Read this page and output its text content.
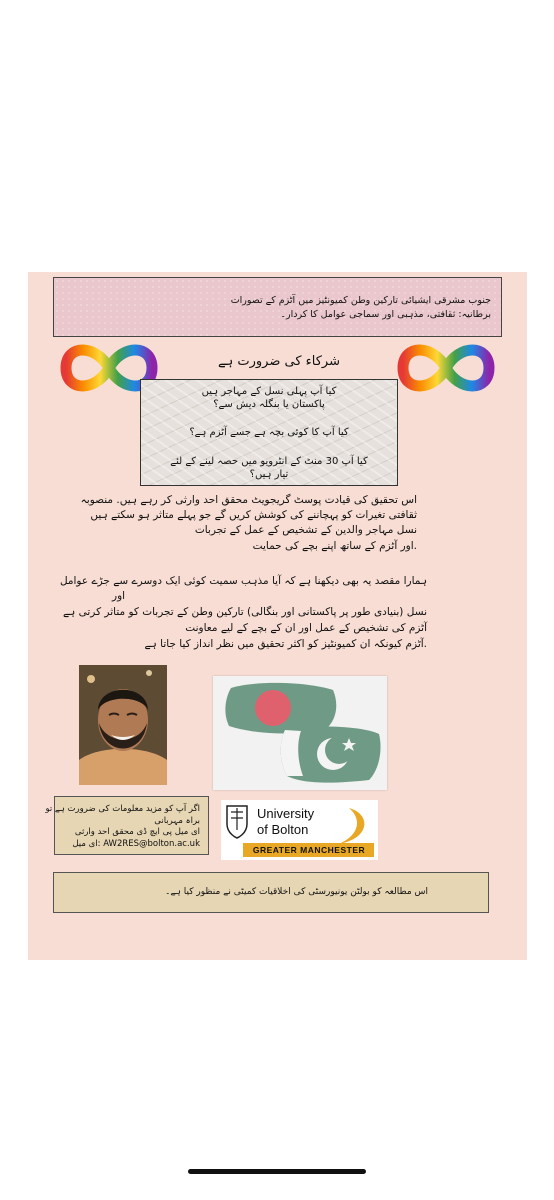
جنوب مشرقی ایشیائی تارکین وطن کمیونٹیز میں آٹزم کے تصورات
برطانیہ: ثقافتی، مذہبی اور سماجی عوامل کا کردار۔
شرکاء کی ضرورت ہے
کیا آپ پہلی نسل کے مہاجر ہیں
پاکستان یا بنگلہ دیش سے؟
کیا آپ کا کوئی بچہ ہے جسے آٹزم ہے؟
کیا آپ 30 منٹ کے انٹرویو میں حصہ لینے کے لئے
تیار ہیں؟
اس تحقیق کی قیادت پوسٹ گریجویٹ محقق احد وارثی کر رہے ہیں. منصوبہ
ثقافتی تغیرات کو پہچاننے کی کوشش کریں گے جو پہلے متاثر ہو سکتے ہیں
نسل مہاجر والدین کے تشخیص کے عمل کے تجربات
.اور آٹزم کے ساتھ اپنے بچے کی حمایت
ہمارا مقصد یہ بھی دیکھنا ہے کہ آیا مذہب سمیت کوئی ایک دوسرے سے جڑے عوامل
اور
نسل (بنیادی طور پر پاکستانی اور بنگالی) تارکین وطن کے تجربات کو متاثر کرتی ہے
آٹزم کی تشخیص کے عمل اور ان کے بچے کے لیے معاونت
.آٹزم کیونکہ ان کمیونٹیز کو اکثر تحقیق میں نظر انداز کیا جاتا ہے
اگر آپ کو مزید معلومات کی ضرورت ہے تو
براہ مہربانی
ای میل پی ایچ ڈی محقق احد وارثی
AW2RES@bolton.ac.uk :ای میل
University
of Bolton
GREATER MANCHESTER
اس مطالعہ کو بولٹن یونیورسٹی کی اخلاقیات کمیٹی نے منظور کیا ہے۔
